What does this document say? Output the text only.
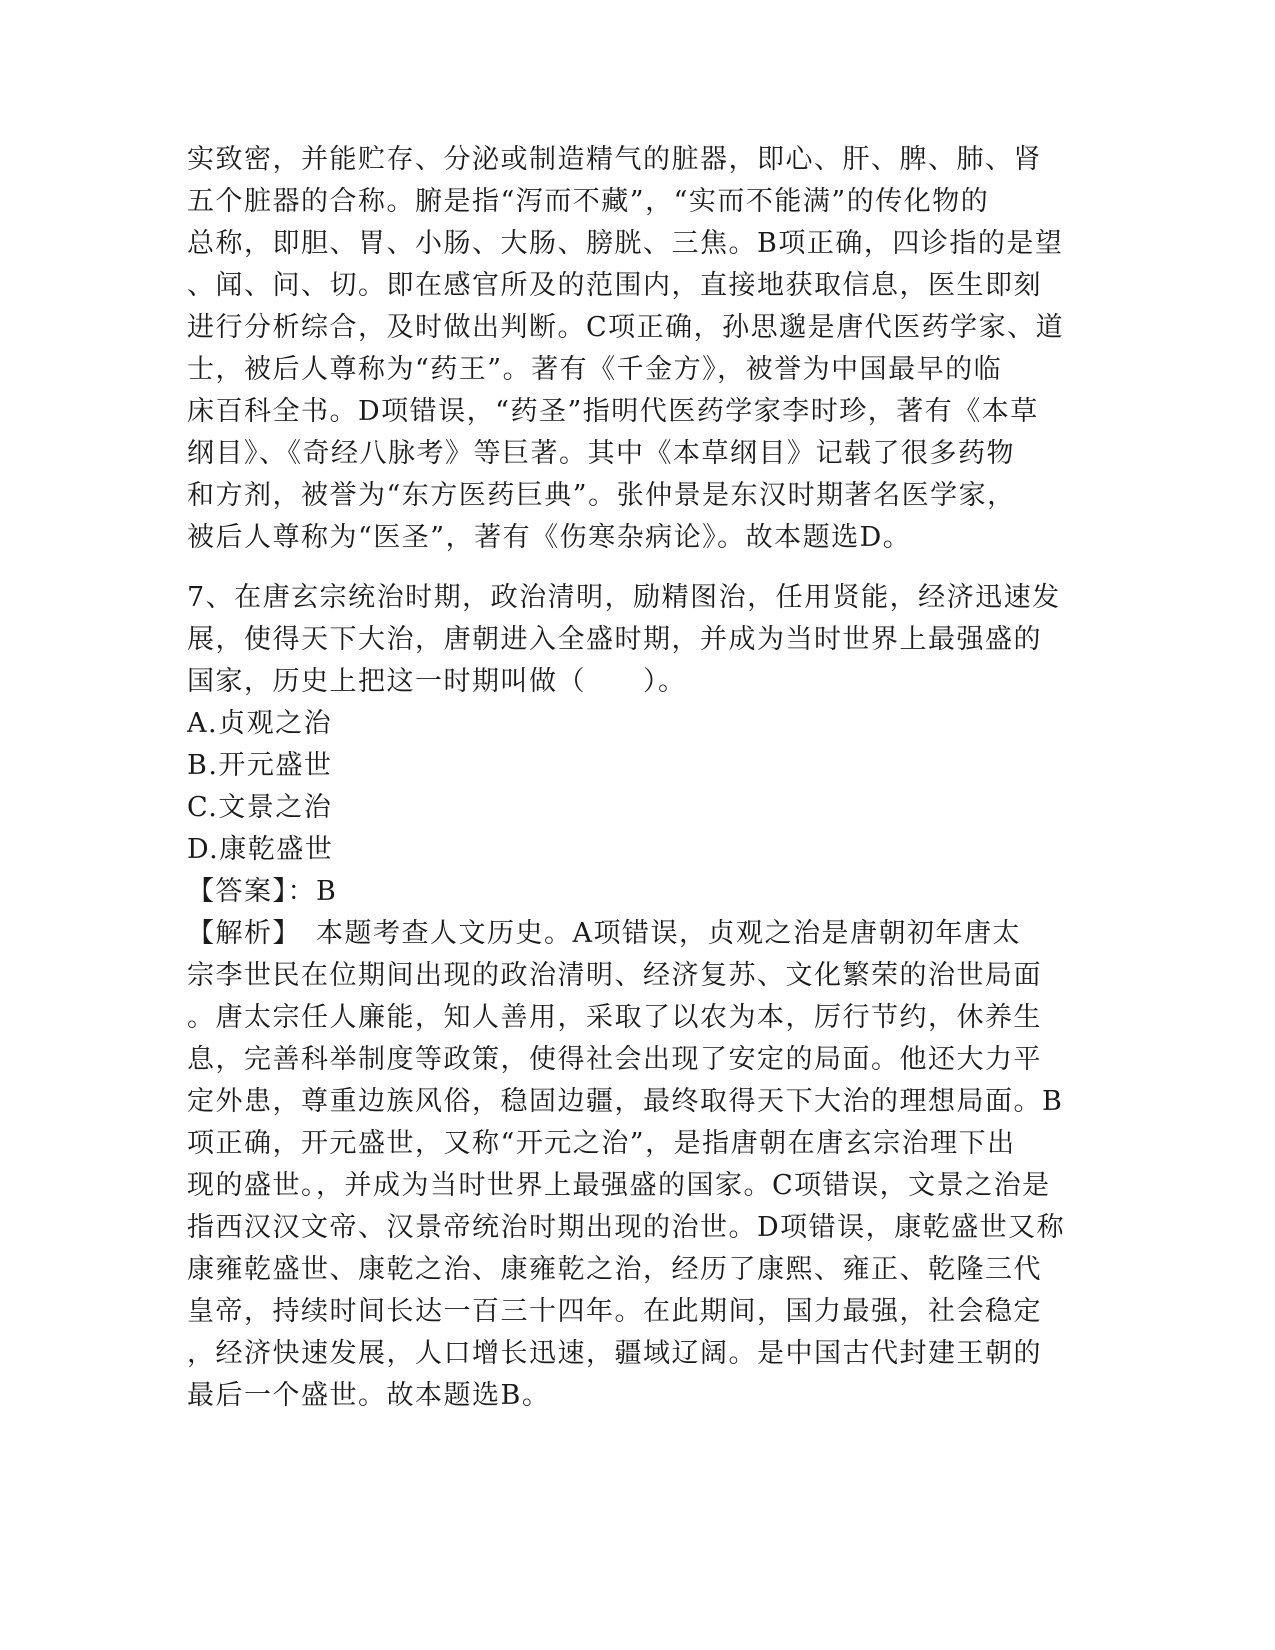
实致密，并能贮存、分泌或制造精气的脏器，即心、肝、脾、肺、肾
五个脏器的合称。腑是指“泻而不藏”，“实而不能满”的传化物的
总称，即胆、胃、小肠、大肠、膀胱、三焦。B项正确，四诊指的是望
、闻、问、切。即在感官所及的范围内，直接地获取信息，医生即刻
进行分析综合，及时做出判断。C项正确，孙思邈是唐代医药学家、道
士，被后人尊称为“药王”。著有《千金方》，被誉为中国最早的临
床百科全书。D项错误，“药圣”指明代医药学家李时珍，著有《本草
纲目》、《奇经八脉考》等巨著。其中《本草纲目》记载了很多药物
和方剂，被誉为“东方医药巨典”。张仲景是东汉时期著名医学家，
被后人尊称为“医圣”，著有《伤寒杂病论》。故本题选D。
7、在唐玄宗统治时期，政治清明，励精图治，任用贤能，经济迅速发
展，使得天下大治，唐朝进入全盛时期，并成为当时世界上最强盛的
国家，历史上把这一时期叫做（　　）。
A.贞观之治
B.开元盛世
C.文景之治
D.康乾盛世
【答案】：B
【解析】　本题考查人文历史。A项错误，贞观之治是唐朝初年唐太
宗李世民在位期间出现的政治清明、经济复苏、文化繁荣的治世局面
。唐太宗任人廉能，知人善用，采取了以农为本，厉行节约，休养生
息，完善科举制度等政策，使得社会出现了安定的局面。他还大力平
定外患，尊重边族风俗，稳固边疆，最终取得天下大治的理想局面。B
项正确，开元盛世，又称“开元之治”，是指唐朝在唐玄宗治理下出
现的盛世。，并成为当时世界上最强盛的国家。C项错误，文景之治是
指西汉汉文帝、汉景帝统治时期出现的治世。D项错误，康乾盛世又称
康雍乾盛世、康乾之治、康雍乾之治，经历了康熙、雍正、乾隆三代
皇帝，持续时间长达一百三十四年。在此期间，国力最强，社会稳定
，经济快速发展，人口增长迅速，疆域辽阔。是中国古代封建王朝的
最后一个盛世。故本题选B。
